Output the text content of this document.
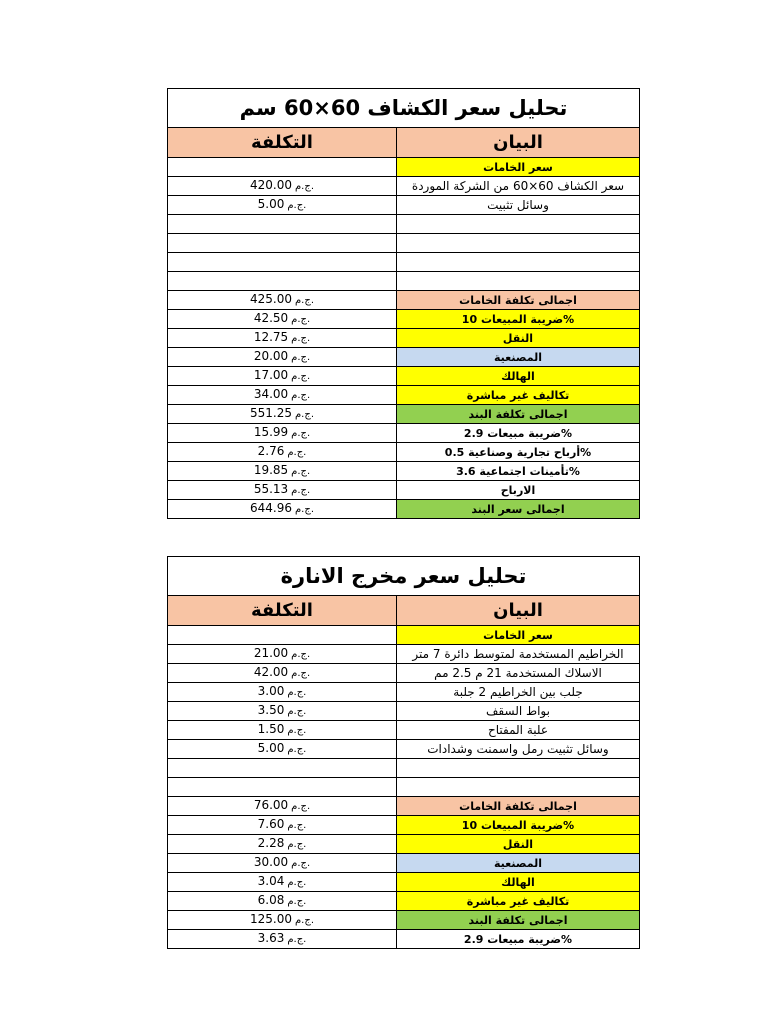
تحليل سعر الكشاف 60×60 سم	
التكلفة	البيان
	سعر الخامات
420.00 ج.م.	سعر الكشاف 60×60 من الشركة الموردة
5.00 ج.م.	وسائل تثبيت

425.00 ج.م.	اجمالى تكلفة الخامات
42.50 ج.م.	%ضريبة المبيعات 10
12.75 ج.م.	النقل
20.00 ج.م.	المصنعية
17.00 ج.م.	الهالك
34.00 ج.م.	تكاليف غير مباشرة
551.25 ج.م.	اجمالى تكلفة البند
15.99 ج.م.	%ضريبة مبيعات 2.9
2.76 ج.م.	%أرباح تجارية وصناعية 0.5
19.85 ج.م.	%تأمينات اجتماعية 3.6
55.13 ج.م.	الارباح
644.96 ج.م.	اجمالى سعر البند
تحليل سعر مخرج الانارة	
التكلفة	البيان
	سعر الخامات
21.00 ج.م.	الخراطيم المستخدمة لمتوسط دائرة 7 متر
42.00 ج.م.	الاسلاك المستخدمة 21 م 2.5 مم
3.00 ج.م.	جلب بين الخراطيم 2 جلبة
3.50 ج.م.	بواط السقف
1.50 ج.م.	علبة المفتاح
5.00 ج.م.	وسائل تثبيت رمل واسمنت وشدادات

76.00 ج.م.	اجمالى تكلفة الخامات
7.60 ج.م.	%ضريبة المبيعات 10
2.28 ج.م.	النقل
30.00 ج.م.	المصنعية
3.04 ج.م.	الهالك
6.08 ج.م.	تكاليف غير مباشرة
125.00 ج.م.	اجمالى تكلفة البند
3.63 ج.م.	%ضريبة مبيعات 2.9
